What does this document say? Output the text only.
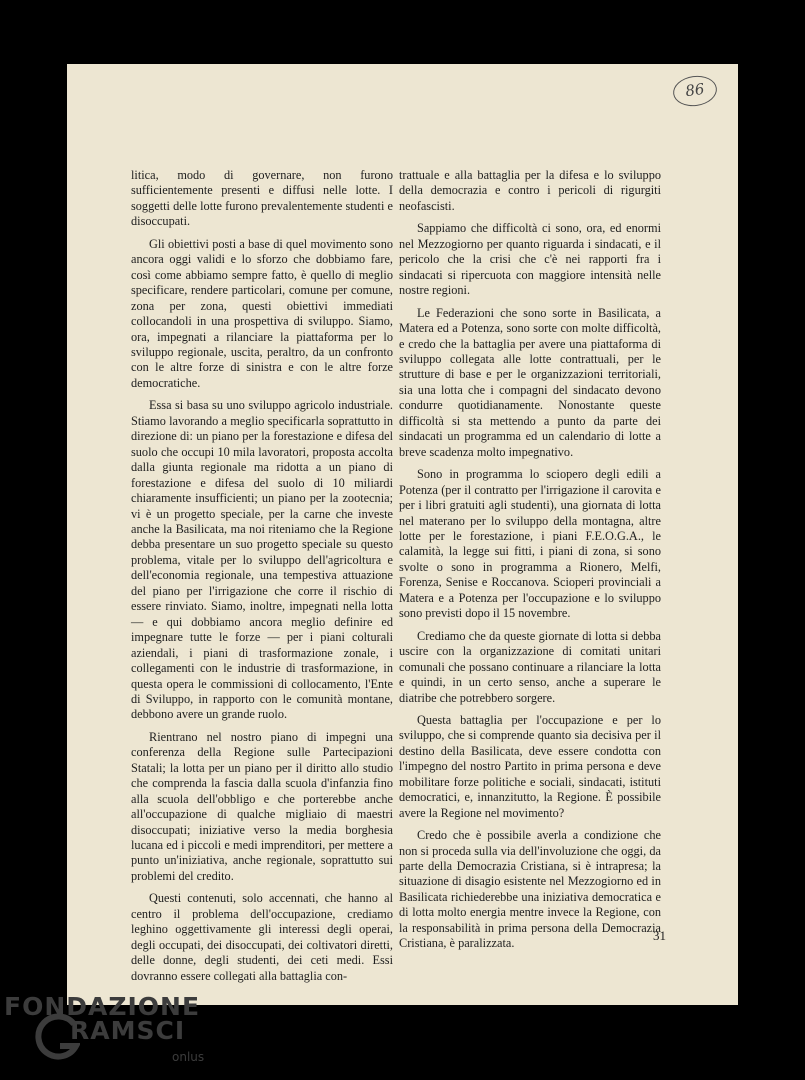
86

litica, modo di governare, non furono sufficientemente presenti e diffusi nelle lotte. I soggetti delle lotte furono prevalentemente studenti e disoccupati.

Gli obiettivi posti a base di quel movimento sono ancora oggi validi e lo sforzo che dobbiamo fare, così come abbiamo sempre fatto, è quello di meglio specificare, rendere particolari, comune per comune, zona per zona, questi obiettivi immediati collocandoli in una prospettiva di sviluppo. Siamo, ora, impegnati a rilanciare la piattaforma per lo sviluppo regionale, uscita, peraltro, da un confronto con le altre forze di sinistra e con le altre forze democratiche.

Essa si basa su uno sviluppo agricolo industriale. Stiamo lavorando a meglio specificarla soprattutto in direzione di: un piano per la forestazione e difesa del suolo che occupi 10 mila lavoratori, proposta accolta dalla giunta regionale ma ridotta a un piano di forestazione e difesa del suolo di 10 miliardi chiaramente insufficienti; un piano per la zootecnia; vi è un progetto speciale, per la carne che investe anche la Basilicata, ma noi riteniamo che la Regione debba presentare un suo progetto speciale su questo problema, vitale per lo sviluppo dell'agricoltura e dell'economia regionale, una tempestiva attuazione del piano per l'irrigazione che corre il rischio di essere rinviato. Siamo, inoltre, impegnati nella lotta — e qui dobbiamo ancora meglio definire ed impegnare tutte le forze — per i piani colturali aziendali, i piani di trasformazione zonale, i collegamenti con le industrie di trasformazione, in questa opera le commissioni di collocamento, l'Ente di Sviluppo, in rapporto con le comunità montane, debbono avere un grande ruolo.

Rientrano nel nostro piano di impegni una conferenza della Regione sulle Partecipazioni Statali; la lotta per un piano per il diritto allo studio che comprenda la fascia dalla scuola d'infanzia fino alla scuola dell'obbligo e che porterebbe anche all'occupazione di qualche migliaio di maestri disoccupati; iniziative verso la media borghesia lucana ed i piccoli e medi imprenditori, per mettere a punto un'iniziativa, anche regionale, soprattutto sui problemi del credito.

Questi contenuti, solo accennati, che hanno al centro il problema dell'occupazione, crediamo leghino oggettivamente gli interessi degli operai, degli occupati, dei disoccupati, dei coltivatori diretti, delle donne, degli studenti, dei ceti medi. Essi dovranno essere collegati alla battaglia con-

trattuale e alla battaglia per la difesa e lo sviluppo della democrazia e contro i pericoli di rigurgiti neofascisti.

Sappiamo che difficoltà ci sono, ora, ed enormi nel Mezzogiorno per quanto riguarda i sindacati, e il pericolo che la crisi che c'è nei rapporti fra i sindacati si ripercuota con maggiore intensità nelle nostre regioni.

Le Federazioni che sono sorte in Basilicata, a Matera ed a Potenza, sono sorte con molte difficoltà, e credo che la battaglia per avere una piattaforma di sviluppo collegata alle lotte contrattuali, per le strutture di base e per le organizzazioni territoriali, sia una lotta che i compagni del sindacato devono condurre quotidianamente. Nonostante queste difficoltà si sta mettendo a punto da parte dei sindacati un programma ed un calendario di lotte a breve scadenza molto impegnativo.

Sono in programma lo sciopero degli edili a Potenza (per il contratto per l'irrigazione il carovita e per i libri gratuiti agli studenti), una giornata di lotta nel materano per lo sviluppo della montagna, altre lotte per le forestazione, i piani F.E.O.G.A., le calamità, la legge sui fitti, i piani di zona, si sono svolte o sono in programma a Rionero, Melfi, Forenza, Senise e Roccanova. Scioperi provinciali a Matera e a Potenza per l'occupazione e lo sviluppo sono previsti dopo il 15 novembre.

Crediamo che da queste giornate di lotta si debba uscire con la organizzazione di comitati unitari comunali che possano continuare a rilanciare la lotta e quindi, in un certo senso, anche a superare le diatribe che potrebbero sorgere.

Questa battaglia per l'occupazione e per lo sviluppo, che si comprende quanto sia decisiva per il destino della Basilicata, deve essere condotta con l'impegno del nostro Partito in prima persona e deve mobilitare forze politiche e sociali, sindacati, istituti democratici, e, innanzitutto, la Regione. È possibile avere la Regione nel movimento?

Credo che è possibile averla a condizione che non si proceda sulla via dell'involuzione che oggi, da parte della Democrazia Cristiana, si è intrapresa; la situazione di disagio esistente nel Mezzogiorno ed in Basilicata richiederebbe una iniziativa democratica e di lotta molto energia mentre invece la Regione, con la responsabilità in prima persona della Democrazia Cristiana, è paralizzata.

31
FONDAZIONE
RAMSCI
onlus
